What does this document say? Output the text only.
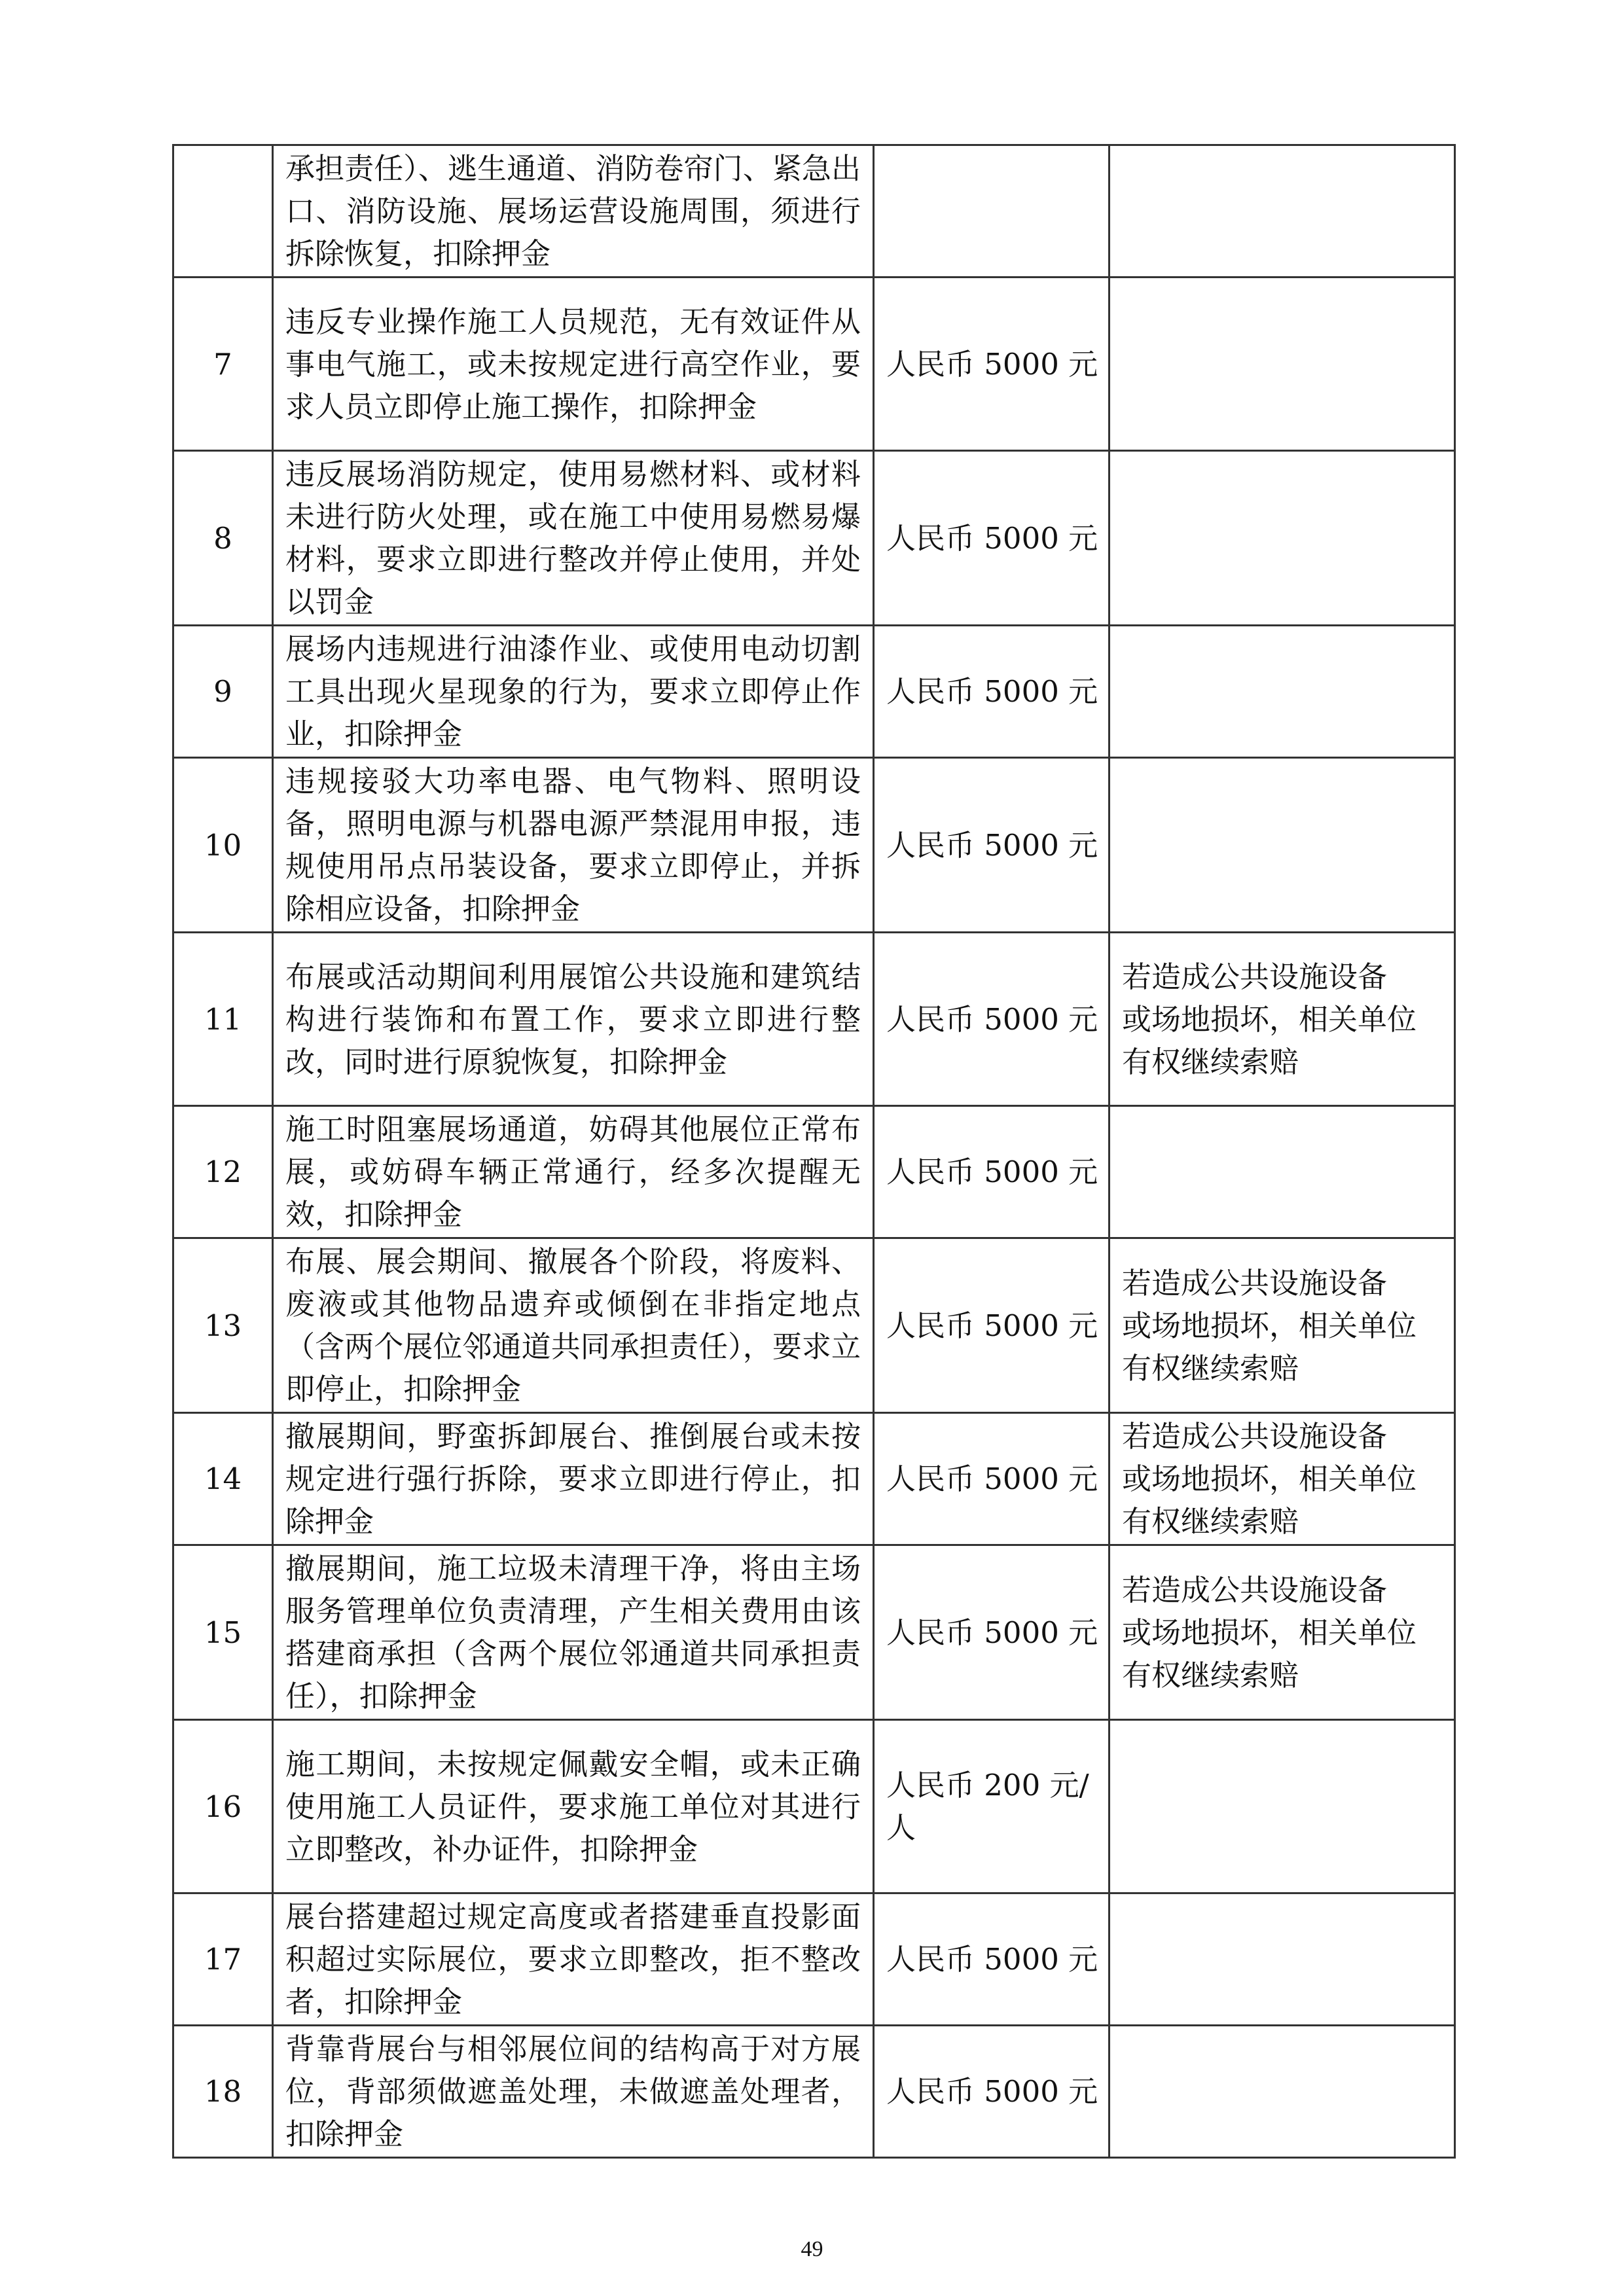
	承担责任）、逃生通道、消防卷帘门、紧急出口、消防设施、展场运营设施周围，须进行拆除恢复，扣除押金		
7	违反专业操作施工人员规范，无有效证件从事电气施工，或未按规定进行高空作业，要求人员立即停止施工操作，扣除押金	人民币 5000 元	

8	违反展场消防规定，使用易燃材料、或材料未进行防火处理，或在施工中使用易燃易爆材料，要求立即进行整改并停止使用，并处以罚金	人民币 5000 元	

9	展场内违规进行油漆作业、或使用电动切割工具出现火星现象的行为，要求立即停止作业，扣除押金	人民币 5000 元	

10	违规接驳大功率电器、电气物料、照明设备，照明电源与机器电源严禁混用申报，违规使用吊点吊装设备，要求立即停止，并拆除相应设备，扣除押金	人民币 5000 元	

11	布展或活动期间利用展馆公共设施和建筑结构进行装饰和布置工作，要求立即进行整改，同时进行原貌恢复，扣除押金	人民币 5000 元	若造成公共设施设备
或场地损坏，相关单位
有权继续索赔

12	施工时阻塞展场通道，妨碍其他展位正常布展，或妨碍车辆正常通行，经多次提醒无效，扣除押金	人民币 5000 元	

13	布展、展会期间、撤展各个阶段，将废料、废液或其他物品遗弃或倾倒在非指定地点（含两个展位邻通道共同承担责任），要求立即停止，扣除押金	人民币 5000 元	若造成公共设施设备
或场地损坏，相关单位
有权继续索赔

14	撤展期间，野蛮拆卸展台、推倒展台或未按规定进行强行拆除，要求立即进行停止，扣除押金	人民币 5000 元	若造成公共设施设备
或场地损坏，相关单位
有权继续索赔

15	撤展期间，施工垃圾未清理干净，将由主场服务管理单位负责清理，产生相关费用由该搭建商承担（含两个展位邻通道共同承担责任），扣除押金	人民币 5000 元	若造成公共设施设备
或场地损坏，相关单位
有权继续索赔

16	施工期间，未按规定佩戴安全帽，或未正确使用施工人员证件，要求施工单位对其进行立即整改，补办证件，扣除押金	人民币 200 元/
人	

17	展台搭建超过规定高度或者搭建垂直投影面积超过实际展位，要求立即整改，拒不整改者，扣除押金	人民币 5000 元	

18	背靠背展台与相邻展位间的结构高于对方展位，背部须做遮盖处理，未做遮盖处理者，扣除押金	人民币 5000 元	

49
